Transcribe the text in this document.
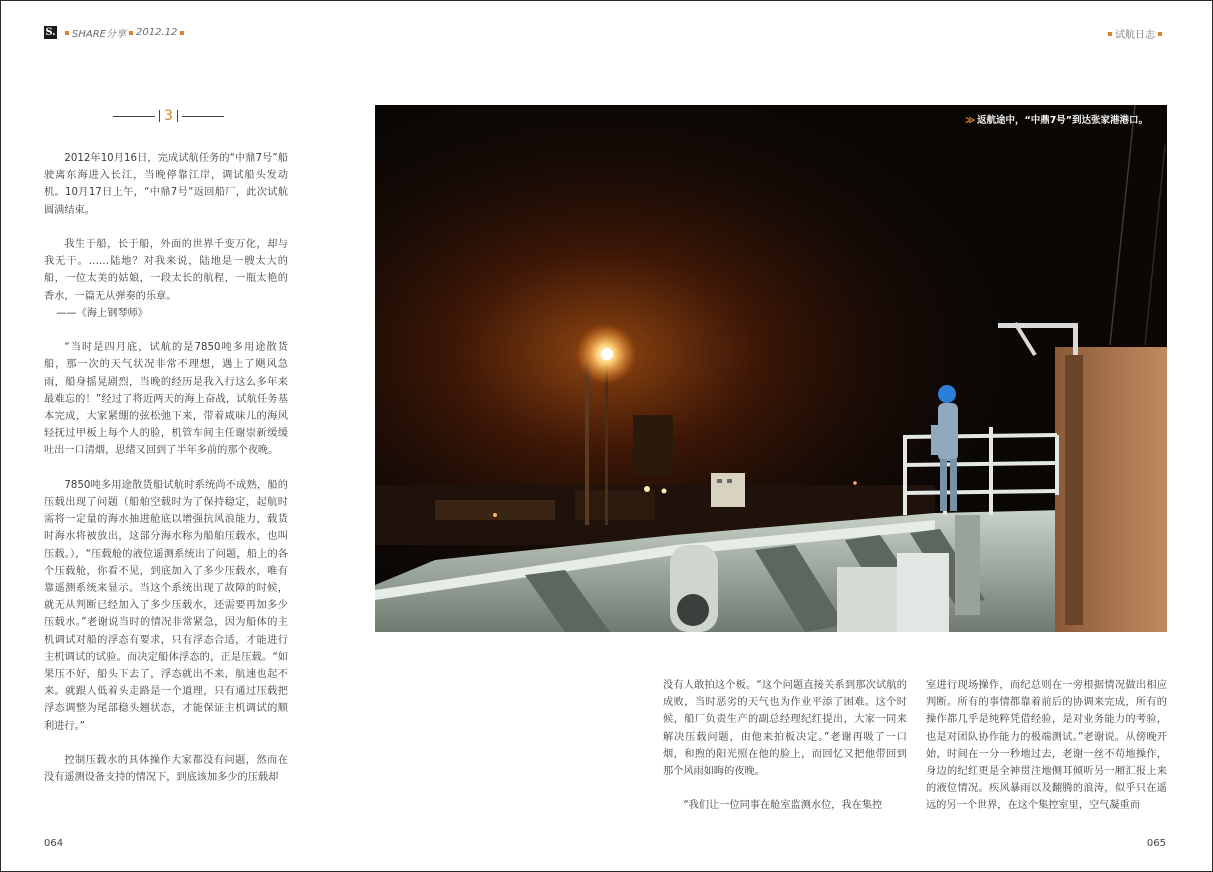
S. SHARE分享 2012.12	试航日志
3

2012年10月16日，完成试航任务的“中鼎7号”船驶离东海进入长江，当晚停靠江岸，调试船头发动机。10月17日上午，“中鼎7号”返回船厂，此次试航圆满结束。

我生于船，长于船，外面的世界千变万化，却与我无干。……陆地？对我来说，陆地是一艘太大的船，一位太美的姑娘，一段太长的航程，一瓶太艳的香水，一篇无从弹奏的乐章。

——《海上钢琴师》

“当时是四月底，试航的是7850吨多用途散货船，那一次的天气状况非常不理想，遇上了飓风急雨，船身摇晃剧烈，当晚的经历是我入行这么多年来最难忘的！”经过了将近两天的海上奋战，试航任务基本完成，大家紧绷的弦松弛下来，带着咸味儿的海风轻抚过甲板上每个人的脸，机管车间主任谢崇新缓缓吐出一口清烟，思绪又回到了半年多前的那个夜晚。

7850吨多用途散货船试航时系统尚不成熟，船的压载出现了问题（船舶空载时为了保持稳定，起航时需将一定量的海水抽进舱底以增强抗风浪能力，载货时海水将被放出，这部分海水称为船舶压载水，也叫压载。），“压载舱的液位遥测系统出了问题，船上的各个压载舱，你看不见，到底加入了多少压载水，唯有靠遥测系统来显示。当这个系统出现了故障的时候，就无从判断已经加入了多少压载水，还需要再加多少压载水。”老谢说当时的情况非常紧急，因为船体的主机调试对船的浮态有要求，只有浮态合适，才能进行主机调试的试验。而决定船体浮态的，正是压载。“如果压不好，船头下去了，浮态就出不来，航速也起不来。就跟人低着头走路是一个道理，只有通过压载把浮态调整为尾部稳头翘状态，才能保证主机调试的顺利进行。”

控制压载水的具体操作大家都没有问题，然而在没有遥测设备支持的情况下，到底该加多少的压载却

≫ 返航途中，“中鼎7号”到达张家港港口。

没有人敢拍这个板。“这个问题直接关系到那次试航的成败，当时恶劣的天气也为作业平添了困难。这个时候，船厂负责生产的副总经理纪红提出，大家一同来解决压载问题，由他来拍板决定。”老谢再吸了一口烟，和煦的阳光照在他的脸上，而回忆又把他带回到那个风雨如晦的夜晚。

“我们让一位同事在舱室监测水位，我在集控

室进行现场操作，而纪总则在一旁根据情况做出相应判断。所有的事情都靠着前后的协调来完成，所有的操作都几乎是纯粹凭借经验，是对业务能力的考验，也是对团队协作能力的极端测试。”老谢说。从傍晚开始，时间在一分一秒地过去，老谢一丝不苟地操作，身边的纪红更是全神贯注地侧耳倾听另一厢汇报上来的液位情况。疾风暴雨以及翻腾的浪涛，似乎只在遥远的另一个世界，在这个集控室里，空气凝重而

064	065
